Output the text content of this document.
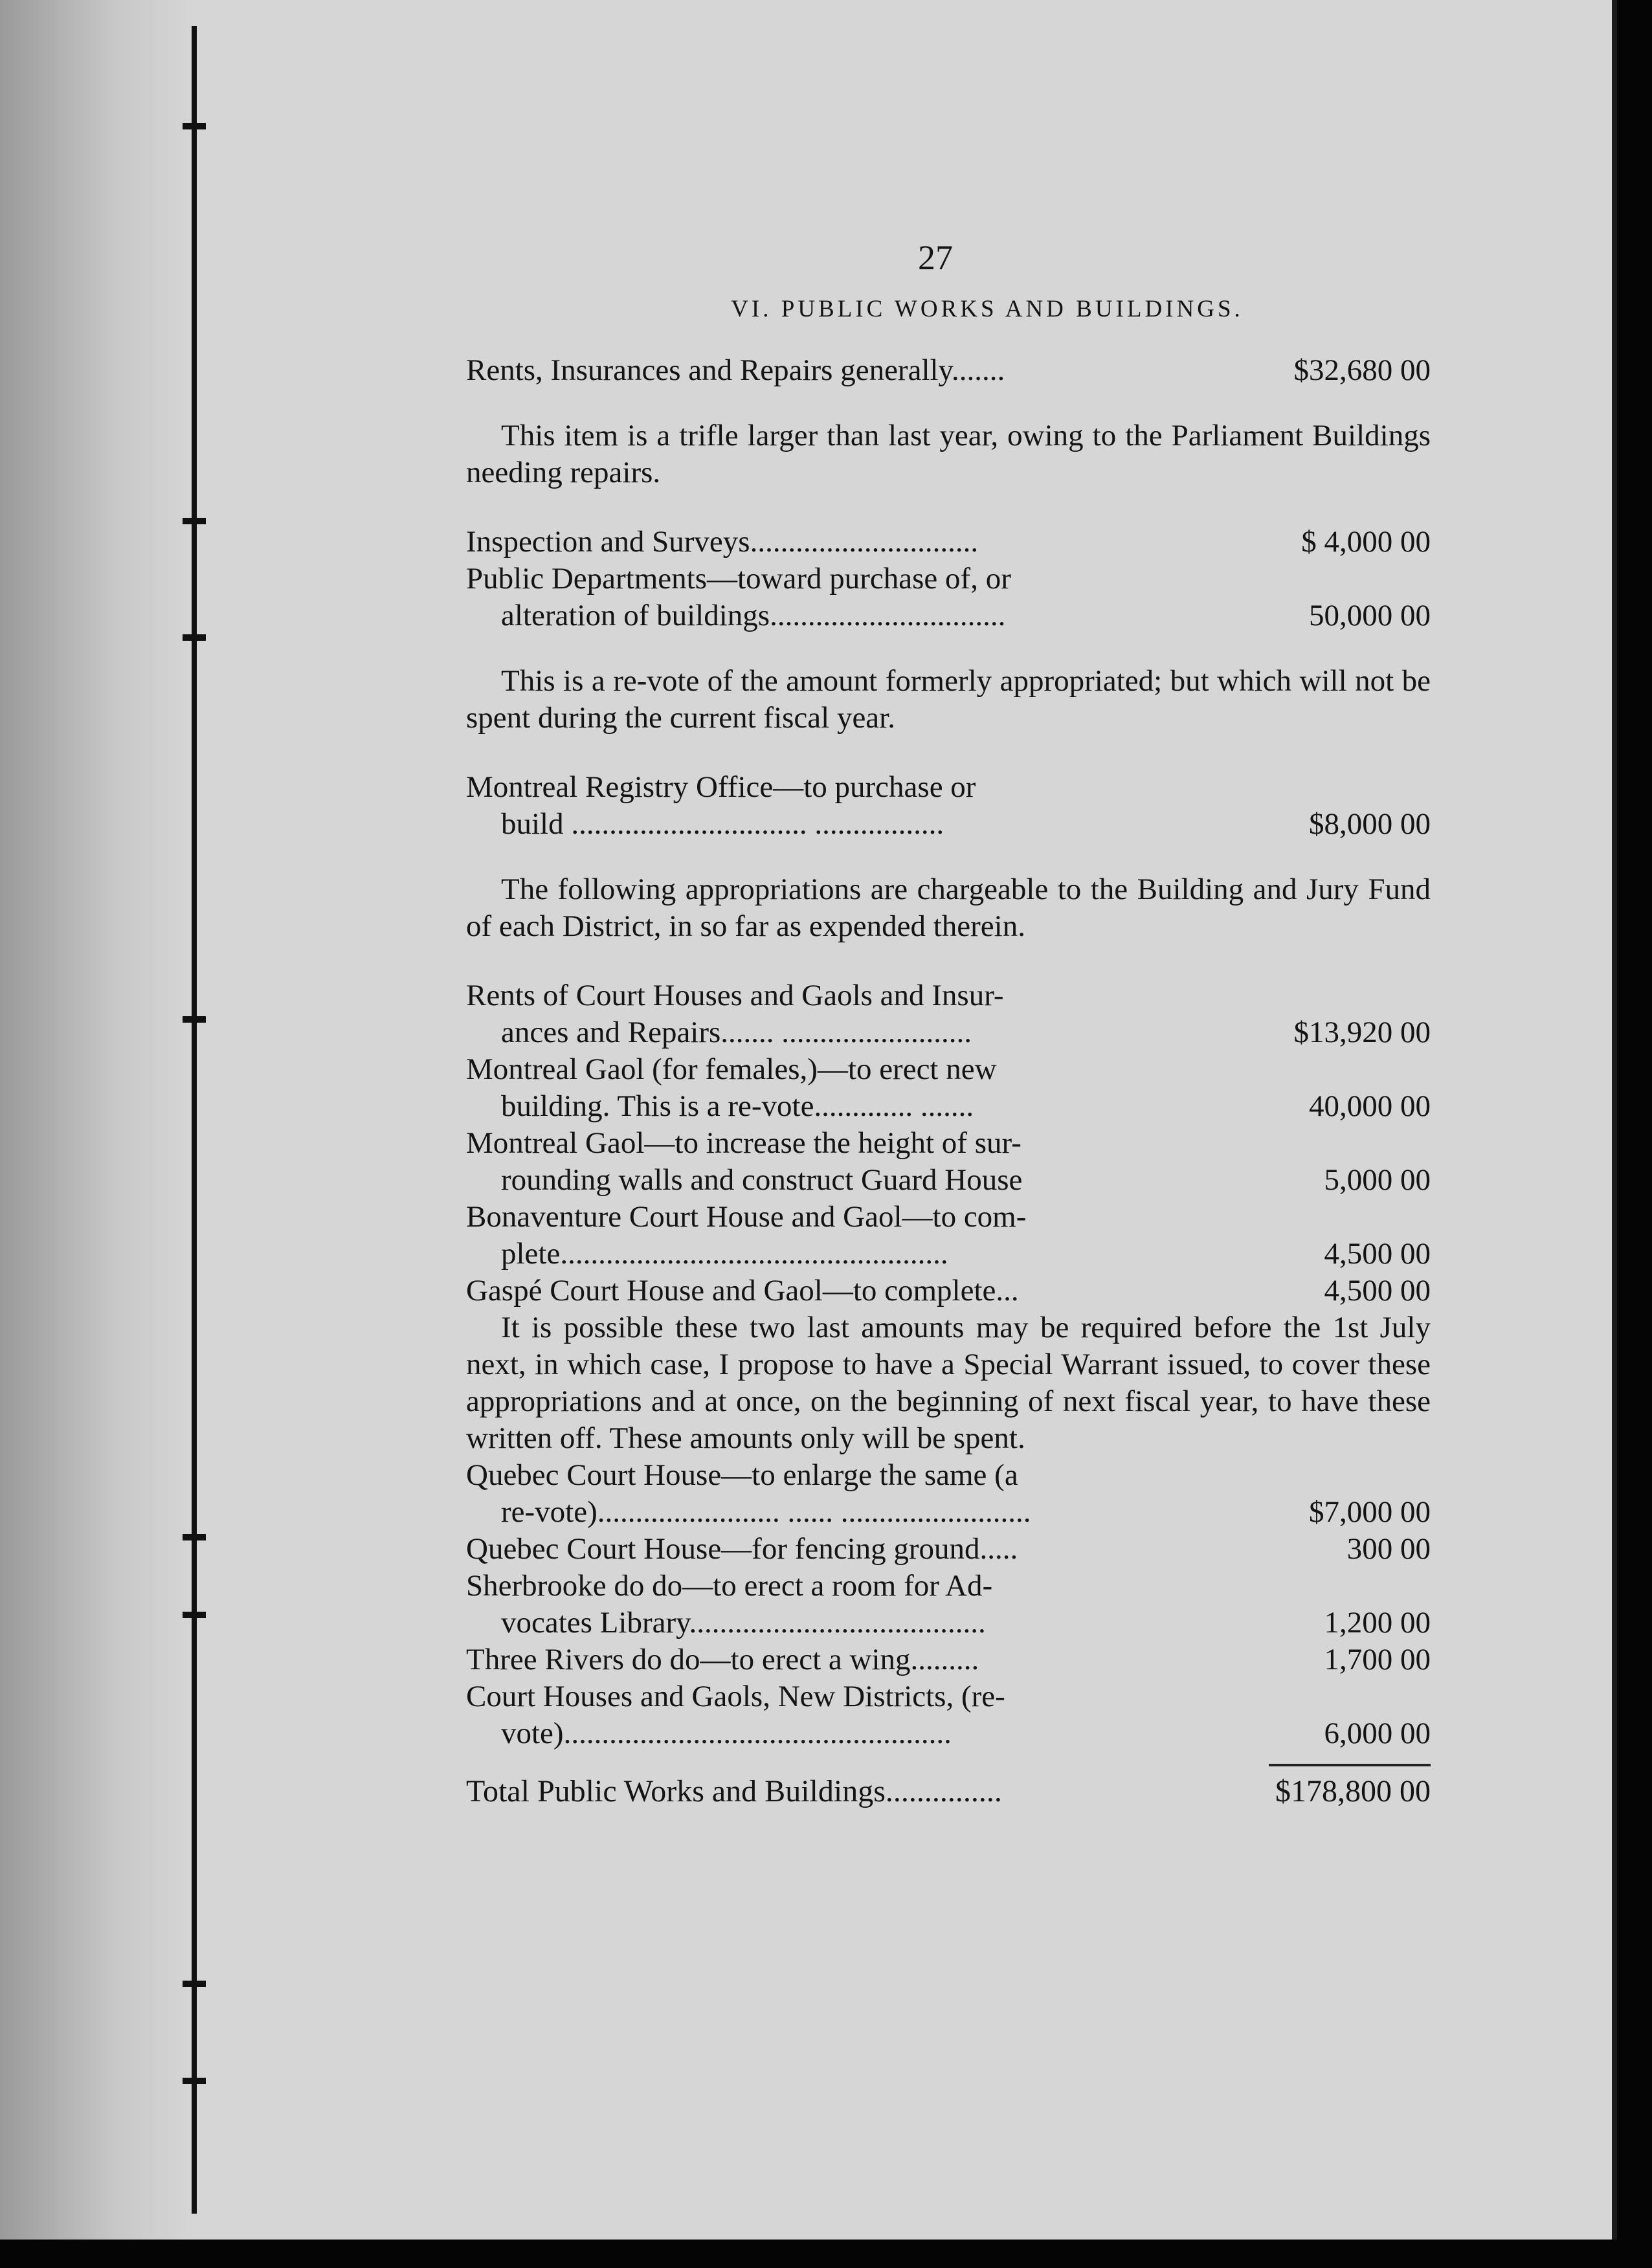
27
VI. PUBLIC WORKS AND BUILDINGS.
Rents, Insurances and Repairs generally.......	$32,680 00

This item is a trifle larger than last year, owing to the Parliament Buildings needing repairs.

Inspection and Surveys..............................	$ 4,000 00
Public Departments—toward purchase of, or
alteration of buildings...............................	50,000 00

This is a re-vote of the amount formerly appropriated; but which will not be spent during the current fiscal year.

Montreal Registry Office—to purchase or
build ............................... .................	$8,000 00

The following appropriations are chargeable to the Building and Jury Fund of each District, in so far as expended therein.

Rents of Court Houses and Gaols and Insur-
ances and Repairs....... .........................	$13,920 00
Montreal Gaol (for females,)—to erect new
building. This is a re-vote............. .......	40,000 00
Montreal Gaol—to increase the height of sur-
rounding walls and construct Guard House	5,000 00
Bonaventure Court House and Gaol—to com-
plete...................................................	4,500 00
Gaspé Court House and Gaol—to complete...	4,500 00

It is possible these two last amounts may be required before the 1st July next, in which case, I propose to have a Special Warrant issued, to cover these appropriations and at once, on the beginning of next fiscal year, to have these written off. These amounts only will be spent.

Quebec Court House—to enlarge the same (a
re-vote)........................ ...... .........................	$7,000 00
Quebec Court House—for fencing ground.....	300 00
Sherbrooke do do—to erect a room for Ad-
vocates Library.......................................	1,200 00
Three Rivers do do—to erect a wing.........	1,700 00
Court Houses and Gaols, New Districts, (re-
vote)...................................................	6,000 00
Total Public Works and Buildings...............	$178,800 00
